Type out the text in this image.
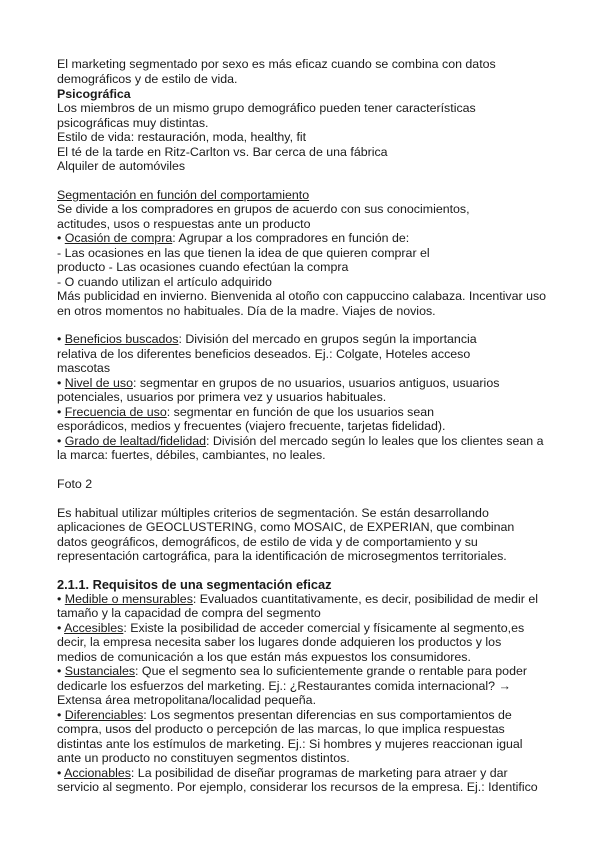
El marketing segmentado por sexo es más eficaz cuando se combina con datos
demográficos y de estilo de vida.
Psicográfica
Los miembros de un mismo grupo demográfico pueden tener características
psicográficas muy distintas.
Estilo de vida: restauración, moda, healthy, fit
El té de la tarde en Ritz-Carlton vs. Bar cerca de una fábrica
Alquiler de automóviles
Segmentación en función del comportamiento
Se divide a los compradores en grupos de acuerdo con sus conocimientos,
actitudes, usos o respuestas ante un producto
• Ocasión de compra: Agrupar a los compradores en función de:
- Las ocasiones en las que tienen la idea de que quieren comprar el
producto - Las ocasiones cuando efectúan la compra
- O cuando utilizan el artículo adquirido
Más publicidad en invierno. Bienvenida al otoño con cappuccino calabaza. Incentivar uso
en otros momentos no habituales. Día de la madre. Viajes de novios.
• Beneficios buscados: División del mercado en grupos según la importancia
relativa de los diferentes beneficios deseados. Ej.: Colgate, Hoteles acceso
mascotas
• Nivel de uso: segmentar en grupos de no usuarios, usuarios antiguos, usuarios
potenciales, usuarios por primera vez y usuarios habituales.
• Frecuencia de uso: segmentar en función de que los usuarios sean
esporádicos, medios y frecuentes (viajero frecuente, tarjetas fidelidad).
• Grado de lealtad/fidelidad: División del mercado según lo leales que los clientes sean a
la marca: fuertes, débiles, cambiantes, no leales.
Foto 2
Es habitual utilizar múltiples criterios de segmentación. Se están desarrollando
aplicaciones de GEOCLUSTERING, como MOSAIC, de EXPERIAN, que combinan
datos geográficos, demográficos, de estilo de vida y de comportamiento y su
representación cartográfica, para la identificación de microsegmentos territoriales.
2.1.1. Requisitos de una segmentación eficaz
• Medible o mensurables: Evaluados cuantitativamente, es decir, posibilidad de medir el
tamaño y la capacidad de compra del segmento
• Accesibles: Existe la posibilidad de acceder comercial y físicamente al segmento,es
decir, la empresa necesita saber los lugares donde adquieren los productos y los
medios de comunicación a los que están más expuestos los consumidores.
• Sustanciales: Que el segmento sea lo suficientemente grande o rentable para poder
dedicarle los esfuerzos del marketing. Ej.: ¿Restaurantes comida internacional? →
Extensa área metropolitana/localidad pequeña.
• Diferenciables: Los segmentos presentan diferencias en sus comportamientos de
compra, usos del producto o percepción de las marcas, lo que implica respuestas
distintas ante los estímulos de marketing. Ej.: Si hombres y mujeres reaccionan igual
ante un producto no constituyen segmentos distintos.
• Accionables: La posibilidad de diseñar programas de marketing para atraer y dar
servicio al segmento. Por ejemplo, considerar los recursos de la empresa. Ej.: Identifico
